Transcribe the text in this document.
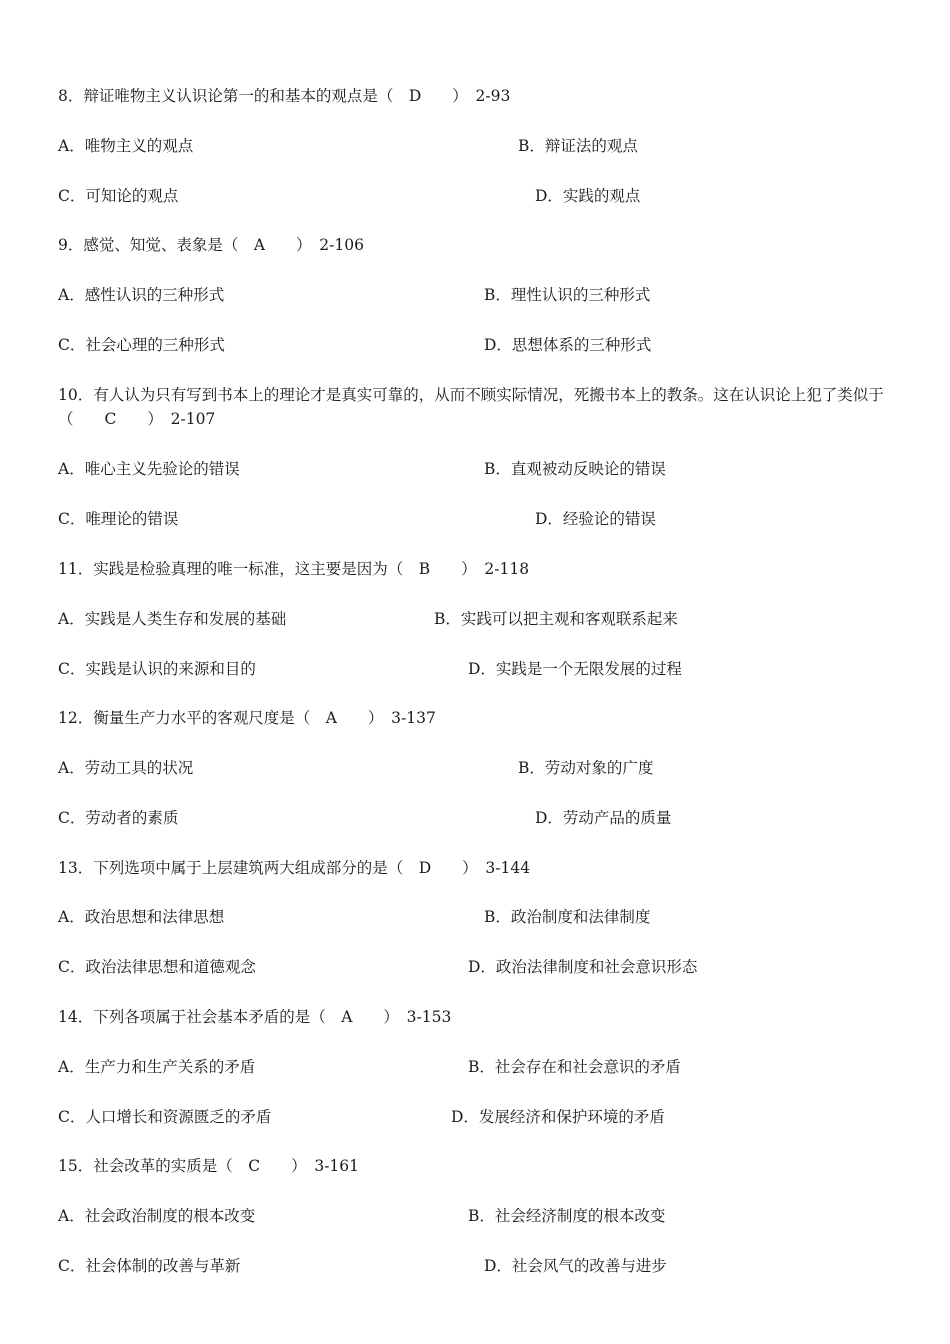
8．辩证唯物主义认识论第一的和基本的观点是（　D　　）　2-93
A．唯物主义的观点	B．辩证法的观点
C．可知论的观点	D．实践的观点
9．感觉、知觉、表象是（　A　　）　2-106
A．感性认识的三种形式	B．理性认识的三种形式
C．社会心理的三种形式	D．思想体系的三种形式
10．有人认为只有写到书本上的理论才是真实可靠的，从而不顾实际情况，死搬书本上的教条。这在认识论上犯了类似于（　　C　　）　2-107
A．唯心主义先验论的错误	B．直观被动反映论的错误
C．唯理论的错误	D．经验论的错误
11．实践是检验真理的唯一标准，这主要是因为（　B　　）　2-118
A．实践是人类生存和发展的基础	B．实践可以把主观和客观联系起来
C．实践是认识的来源和目的	D．实践是一个无限发展的过程
12．衡量生产力水平的客观尺度是（　A　　）　3-137
A．劳动工具的状况	B．劳动对象的广度
C．劳动者的素质	D．劳动产品的质量
13．下列选项中属于上层建筑两大组成部分的是（　D　　）　3-144
A．政治思想和法律思想	B．政治制度和法律制度
C．政治法律思想和道德观念	D．政治法律制度和社会意识形态
14．下列各项属于社会基本矛盾的是（　A　　）　3-153
A．生产力和生产关系的矛盾	B．社会存在和社会意识的矛盾
C．人口增长和资源匮乏的矛盾	D．发展经济和保护环境的矛盾
15．社会改革的实质是（　C　　）　3-161
A．社会政治制度的根本改变	B．社会经济制度的根本改变
C．社会体制的改善与革新	D．社会风气的改善与进步
